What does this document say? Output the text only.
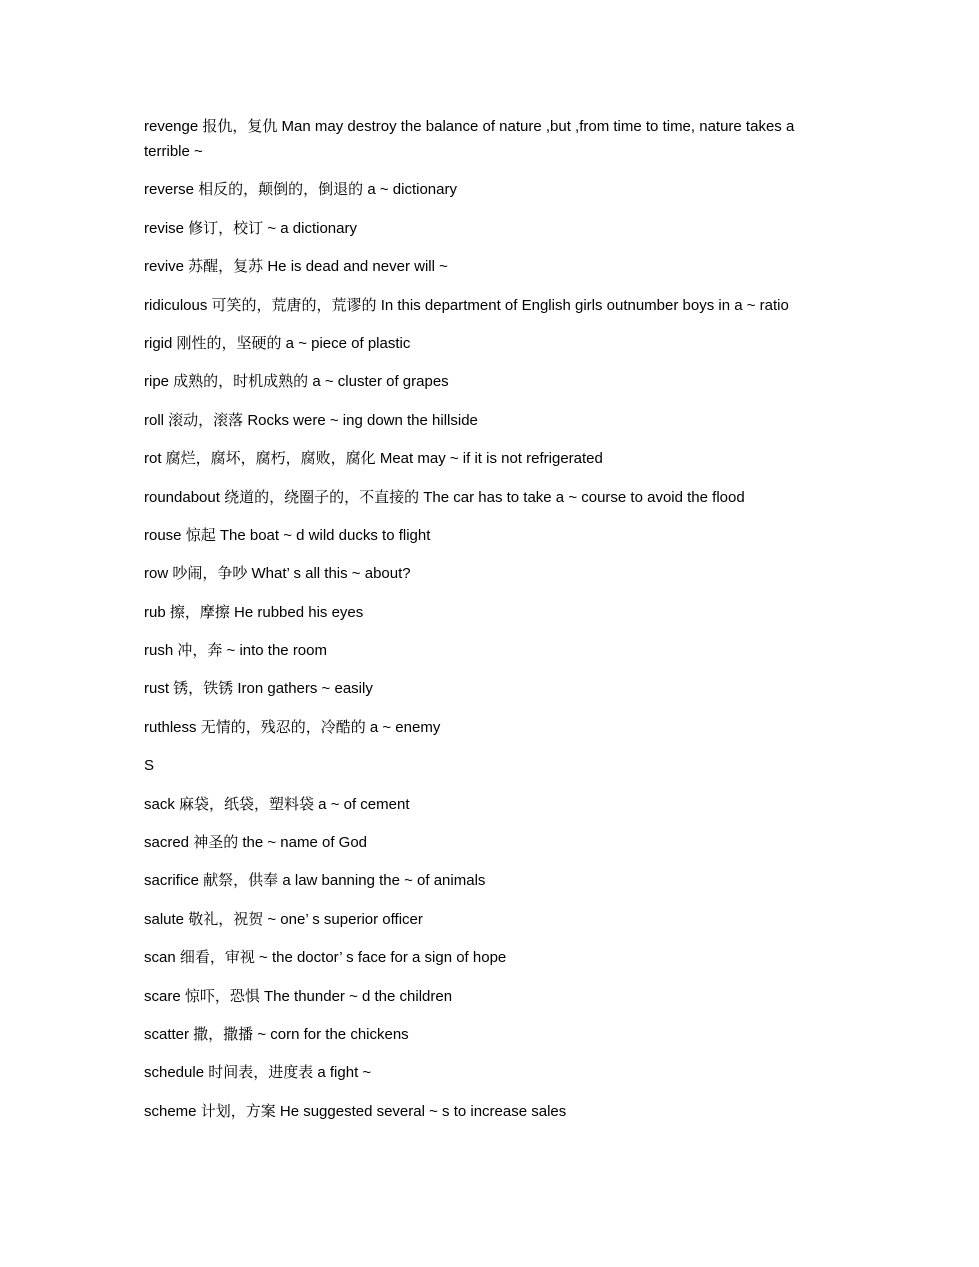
revenge 报仇，复仇 Man may destroy the balance of nature ,but ,from time to time, nature takes a terrible ~

reverse 相反的，颠倒的，倒退的 a ~ dictionary

revise 修订，校订 ~ a dictionary

revive 苏醒，复苏 He is dead and never will ~

ridiculous 可笑的，荒唐的，荒谬的 In this department of English girls outnumber boys in a ~ ratio

rigid 刚性的，坚硬的 a ~ piece of plastic

ripe 成熟的，时机成熟的 a ~ cluster of grapes

roll 滚动，滚落 Rocks were ~ ing down the hillside

rot 腐烂，腐坏，腐朽，腐败，腐化 Meat may ~ if it is not refrigerated

roundabout 绕道的，绕圈子的，不直接的 The car has to take a ~ course to avoid the flood

rouse 惊起 The boat ~ d wild ducks to flight

row 吵闹，争吵 What’ s all this ~ about?

rub 擦，摩擦 He rubbed his eyes

rush 冲，奔 ~ into the room

rust 锈，铁锈 Iron gathers ~ easily

ruthless 无情的，残忍的，冷酷的 a ~ enemy

S

sack 麻袋，纸袋，塑料袋 a ~ of cement

sacred 神圣的 the ~ name of God

sacrifice 献祭，供奉 a law banning the ~ of animals

salute 敬礼，祝贺 ~ one’ s superior officer

scan 细看，审视 ~ the doctor’ s face for a sign of hope

scare 惊吓，恐惧 The thunder ~ d the children

scatter 撒，撒播 ~ corn for the chickens

schedule 时间表，进度表 a fight ~

scheme 计划，方案 He suggested several ~ s to increase sales
